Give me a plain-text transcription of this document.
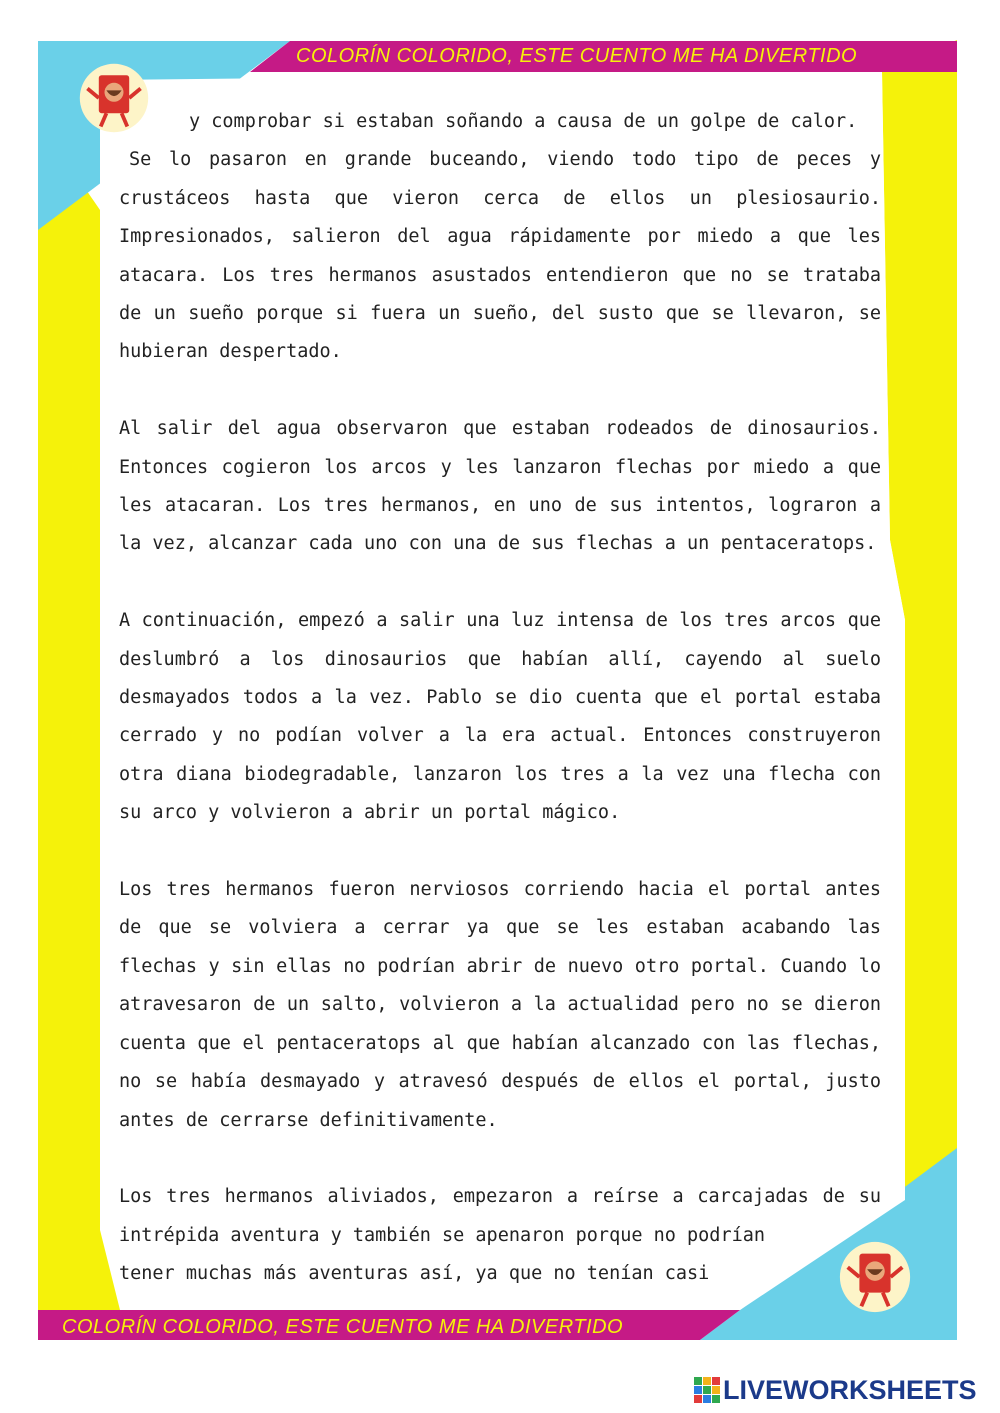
COLORÍN COLORIDO, ESTE CUENTO ME HA DIVERTIDO
COLORÍN COLORIDO, ESTE CUENTO ME HA DIVERTIDO

y comprobar si estaban soñando a causa de un golpe de calor.
Se lo pasaron en grande buceando, viendo todo tipo de peces y
crustáceos hasta que vieron cerca de ellos un plesiosaurio.
Impresionados, salieron del agua rápidamente por miedo a que les
atacara. Los tres hermanos asustados entendieron que no se trataba
de un sueño porque si fuera un sueño, del susto que se llevaron, se
hubieran despertado.

Al salir del agua observaron que estaban rodeados de dinosaurios.
Entonces cogieron los arcos y les lanzaron flechas por miedo a que
les atacaran. Los tres hermanos, en uno de sus intentos, lograron a
la vez, alcanzar cada uno con una de sus flechas a un pentaceratops.

A continuación, empezó a salir una luz intensa de los tres arcos que
deslumbró a los dinosaurios que habían allí, cayendo al suelo
desmayados todos a la vez. Pablo se dio cuenta que el portal estaba
cerrado y no podían volver a la era actual. Entonces construyeron
otra diana biodegradable, lanzaron los tres a la vez una flecha con
su arco y volvieron a abrir un portal mágico.

Los tres hermanos fueron nerviosos corriendo hacia el portal antes
de que se volviera a cerrar ya que se les estaban acabando las
flechas y sin ellas no podrían abrir de nuevo otro portal. Cuando lo
atravesaron de un salto, volvieron a la actualidad pero no se dieron
cuenta que el pentaceratops al que habían alcanzado con las flechas,
no se había desmayado y atravesó después de ellos el portal, justo
antes de cerrarse definitivamente.

Los tres hermanos aliviados, empezaron a reírse a carcajadas de su
intrépida aventura y también se apenaron porque no podrían
tener muchas más aventuras así, ya que no tenían casi

LIVEWORKSHEETS
